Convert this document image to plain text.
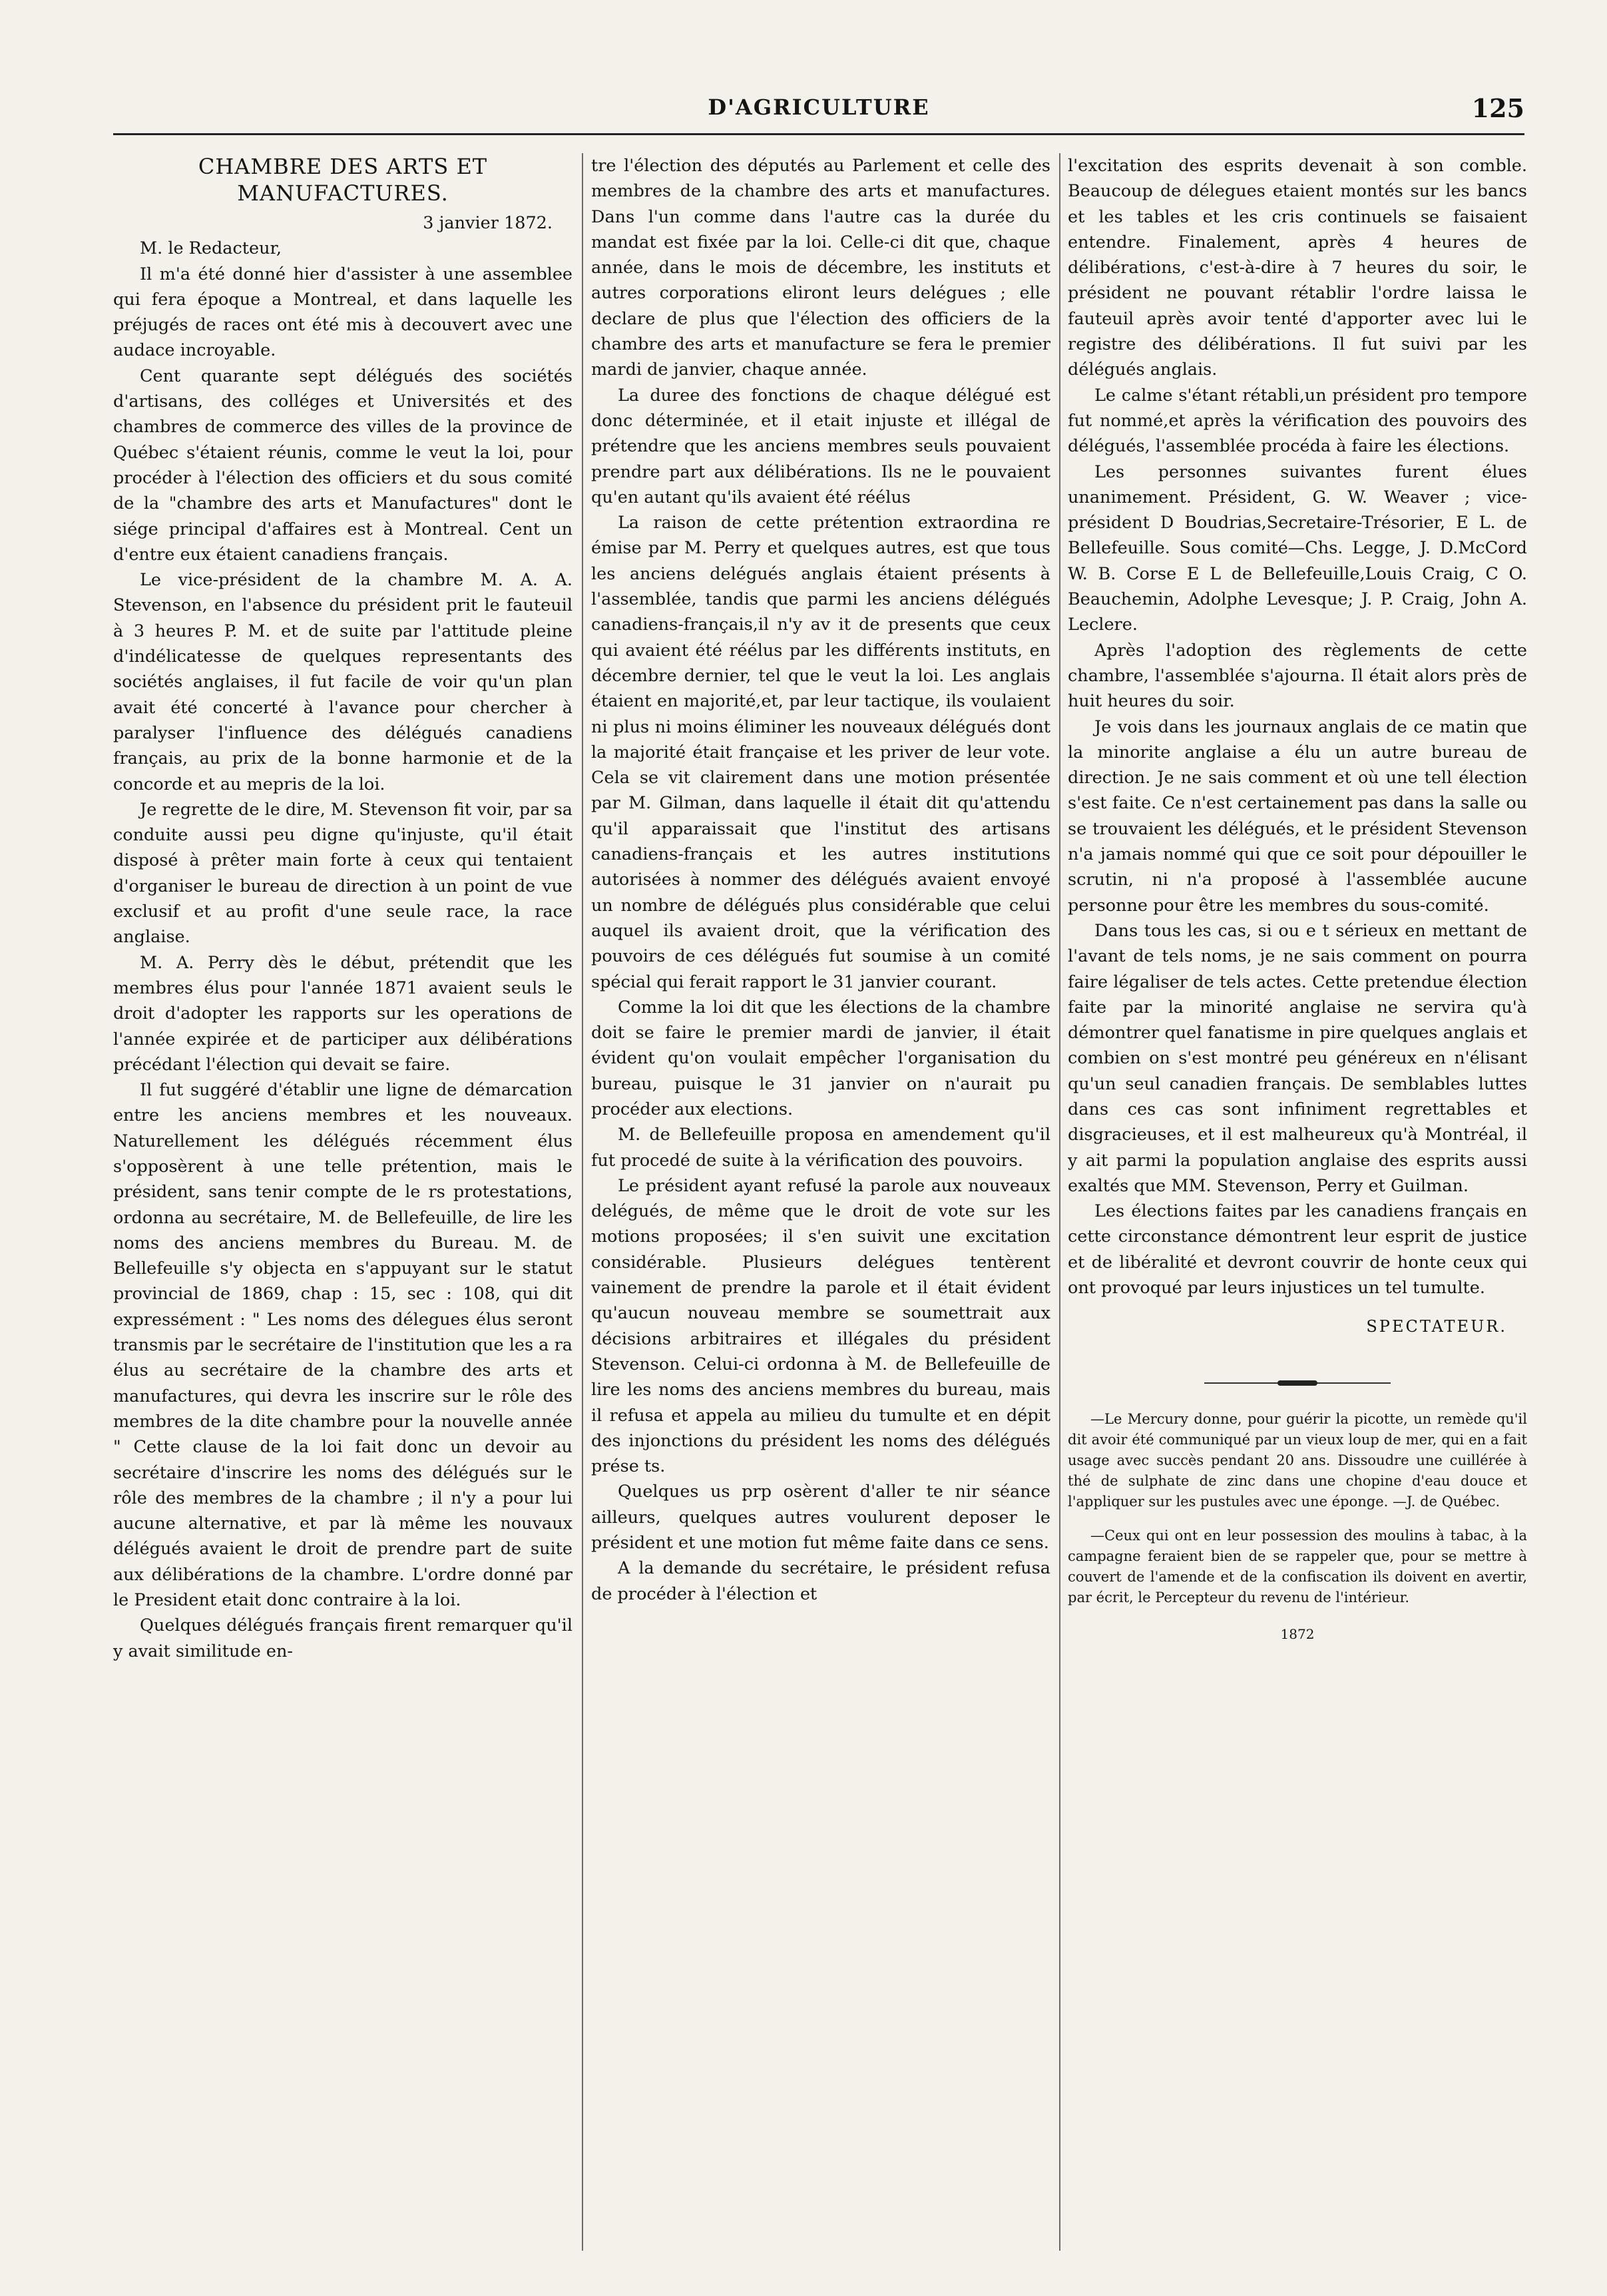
D'AGRICULTURE	125

CHAMBRE DES ARTS ET MANUFACTURES.

3 janvier 1872.

M. le Redacteur,

Il m'a été donné hier d'assister à une assemblee qui fera époque a Montreal, et dans laquelle les préjugés de races ont été mis à decouvert avec une audace incroyable.

Cent quarante sept délégués des sociétés d'artisans, des colléges et Universités et des chambres de commerce des villes de la province de Québec s'étaient réunis, comme le veut la loi, pour procéder à l'élection des officiers et du sous comité de la "chambre des arts et Manufactures" dont le siége principal d'affaires est à Montreal. Cent un d'entre eux étaient canadiens français.

Le vice-président de la chambre M. A. A. Stevenson, en l'absence du président prit le fauteuil à 3 heures P. M. et de suite par l'attitude pleine d'indélicatesse de quelques representants des sociétés anglaises, il fut facile de voir qu'un plan avait été concerté à l'avance pour chercher à paralyser l'influence des délégués canadiens français, au prix de la bonne harmonie et de la concorde et au mepris de la loi.

Je regrette de le dire, M. Stevenson fit voir, par sa conduite aussi peu digne qu'injuste, qu'il était disposé à prêter main forte à ceux qui tentaient d'organiser le bureau de direction à un point de vue exclusif et au profit d'une seule race, la race anglaise.

M. A. Perry dès le début, prétendit que les membres élus pour l'année 1871 avaient seuls le droit d'adopter les rapports sur les operations de l'année expirée et de participer aux délibérations précédant l'élection qui devait se faire.

Il fut suggéré d'établir une ligne de démarcation entre les anciens membres et les nouveaux. Naturellement les délégués récemment élus s'opposèrent à une telle prétention, mais le président, sans tenir compte de le rs protestations, ordonna au secrétaire, M. de Bellefeuille, de lire les noms des anciens membres du Bureau. M. de Bellefeuille s'y objecta en s'appuyant sur le statut provincial de 1869, chap : 15, sec : 108, qui dit expressément : " Les noms des délegues élus seront transmis par le secrétaire de l'institution que les a ra élus au secrétaire de la chambre des arts et manufactures, qui devra les inscrire sur le rôle des membres de la dite chambre pour la nouvelle année " Cette clause de la loi fait donc un devoir au secrétaire d'inscrire les noms des délégués sur le rôle des membres de la chambre ; il n'y a pour lui aucune alternative, et par là même les nouvaux délégués avaient le droit de prendre part de suite aux délibérations de la chambre. L'ordre donné par le President etait donc contraire à la loi.

Quelques délégués français firent remarquer qu'il y avait similitude en-

tre l'élection des députés au Parlement et celle des membres de la chambre des arts et manufactures. Dans l'un comme dans l'autre cas la durée du mandat est fixée par la loi. Celle-ci dit que, chaque année, dans le mois de décembre, les instituts et autres corporations eliront leurs delégues ; elle declare de plus que l'élection des officiers de la chambre des arts et manufacture se fera le premier mardi de janvier, chaque année.

La duree des fonctions de chaque délégué est donc déterminée, et il etait injuste et illégal de prétendre que les anciens membres seuls pouvaient prendre part aux délibérations. Ils ne le pouvaient qu'en autant qu'ils avaient été réélus

La raison de cette prétention extraordina re émise par M. Perry et quelques autres, est que tous les anciens delégués anglais étaient présents à l'assemblée, tandis que parmi les anciens délégués canadiens-français,il n'y av it de presents que ceux qui avaient été réélus par les différents instituts, en décembre dernier, tel que le veut la loi. Les anglais étaient en majorité,et, par leur tactique, ils voulaient ni plus ni moins éliminer les nouveaux délégués dont la majorité était française et les priver de leur vote. Cela se vit clairement dans une motion présentée par M. Gilman, dans laquelle il était dit qu'attendu qu'il apparaissait que l'institut des artisans canadiens-français et les autres institutions autorisées à nommer des délégués avaient envoyé un nombre de délégués plus considérable que celui auquel ils avaient droit, que la vérification des pouvoirs de ces délégués fut soumise à un comité spécial qui ferait rapport le 31 janvier courant.

Comme la loi dit que les élections de la chambre doit se faire le premier mardi de janvier, il était évident qu'on voulait empêcher l'organisation du bureau, puisque le 31 janvier on n'aurait pu procéder aux elections.

M. de Bellefeuille proposa en amendement qu'il fut procedé de suite à la vérification des pouvoirs.

Le président ayant refusé la parole aux nouveaux delégués, de même que le droit de vote sur les motions proposées; il s'en suivit une excitation considérable. Plusieurs delégues tentèrent vainement de prendre la parole et il était évident qu'aucun nouveau membre se soumettrait aux décisions arbitraires et illégales du président Stevenson. Celui-ci ordonna à M. de Bellefeuille de lire les noms des anciens membres du bureau, mais il refusa et appela au milieu du tumulte et en dépit des injonctions du président les noms des délégués prése ts.

Quelques us prp osèrent d'aller te nir séance ailleurs, quelques autres voulurent deposer le président et une motion fut même faite dans ce sens.

A la demande du secrétaire, le président refusa de procéder à l'élection et

l'excitation des esprits devenait à son comble. Beaucoup de délegues etaient montés sur les bancs et les tables et les cris continuels se faisaient entendre. Finalement, après 4 heures de délibérations, c'est-à-dire à 7 heures du soir, le président ne pouvant rétablir l'ordre laissa le fauteuil après avoir tenté d'apporter avec lui le registre des délibérations. Il fut suivi par les délégués anglais.

Le calme s'étant rétabli,un président pro tempore fut nommé,et après la vérification des pouvoirs des délégués, l'assemblée procéda à faire les élections.

Les personnes suivantes furent élues unanimement. Président, G. W. Weaver ; vice-président D Boudrias,Secretaire-Trésorier, E L. de Bellefeuille. Sous comité—Chs. Legge, J. D.McCord W. B. Corse E L de Bellefeuille,Louis Craig, C O. Beauchemin, Adolphe Levesque; J. P. Craig, John A. Leclere.

Après l'adoption des règlements de cette chambre, l'assemblée s'ajourna. Il était alors près de huit heures du soir.

Je vois dans les journaux anglais de ce matin que la minorite anglaise a élu un autre bureau de direction. Je ne sais comment et où une tell élection s'est faite. Ce n'est certainement pas dans la salle ou se trouvaient les délégués, et le président Stevenson n'a jamais nommé qui que ce soit pour dépouiller le scrutin, ni n'a proposé à l'assemblée aucune personne pour être les membres du sous-comité.

Dans tous les cas, si ou e t sérieux en mettant de l'avant de tels noms, je ne sais comment on pourra faire légaliser de tels actes. Cette pretendue élection faite par la minorité anglaise ne servira qu'à démontrer quel fanatisme in pire quelques anglais et combien on s'est montré peu généreux en n'élisant qu'un seul canadien français. De semblables luttes dans ces cas sont infiniment regrettables et disgracieuses, et il est malheureux qu'à Montréal, il y ait parmi la population anglaise des esprits aussi exaltés que MM. Stevenson, Perry et Guilman.

Les élections faites par les canadiens français en cette circonstance démontrent leur esprit de justice et de libéralité et devront couvrir de honte ceux qui ont provoqué par leurs injustices un tel tumulte.

SPECTATEUR.

—Le Mercury donne, pour guérir la picotte, un remède qu'il dit avoir été communiqué par un vieux loup de mer, qui en a fait usage avec succès pendant 20 ans. Dissoudre une cuillérée à thé de sulphate de zinc dans une chopine d'eau douce et l'appliquer sur les pustules avec une éponge. —J. de Québec.

—Ceux qui ont en leur possession des moulins à tabac, à la campagne feraient bien de se rappeler que, pour se mettre à couvert de l'amende et de la confiscation ils doivent en avertir, par écrit, le Percepteur du revenu de l'intérieur.

1872
